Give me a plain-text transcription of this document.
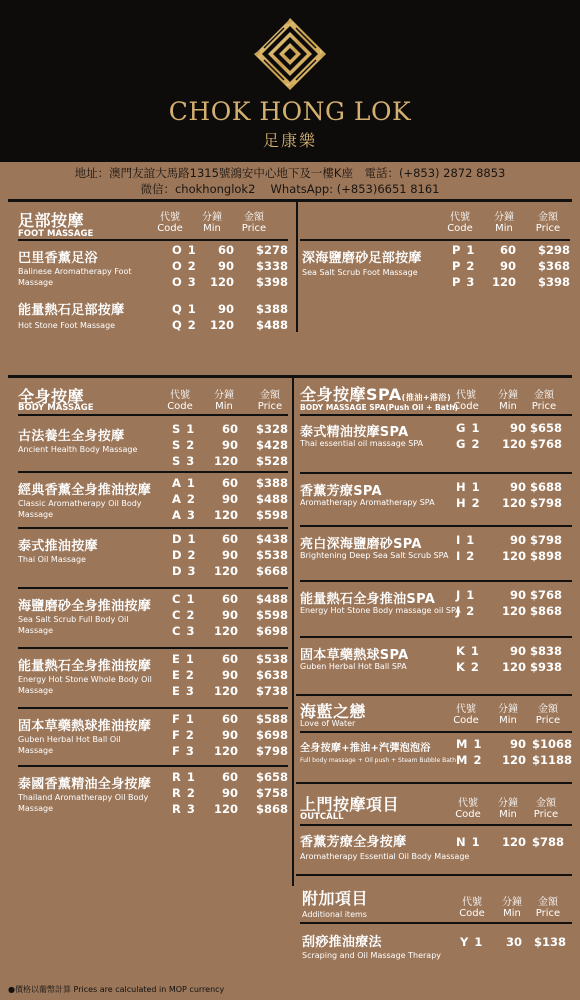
CHOK HONG LOK
足康樂
地址：澳門友誼大馬路1315號鴻安中心地下及一樓K座　電話：(+853) 2872 8853
微信：chokhonglok2　 WhatsApp: (+853)6651 8161
足部按摩
FOOT MASSAGE
代號
Code
分鐘
Min
金額
Price
巴里香薰足浴
Balinese Aromatherapy Foot Massage
O 1	60 $278
O 2	90 $338
O 3	120 $398
能量熱石足部按摩
Hot Stone Foot Massage
Q 1	90 $388
Q 2	120 $488
代號
Code
分鐘
Min
金額
Price
深海鹽磨砂足部按摩
Sea Salt Scrub Foot Massage
P 1	60 $298
P 2	90 $368
P 3	120 $398
全身按摩
BODY MASSAGE
代號
Code
分鐘
Min
金額
Price
古法養生全身按摩
Ancient Health Body Massage
S 1	60 $328
S 2	90 $428
S 3	120 $528
經典香薰全身推油按摩
Classic Aromatherapy Oil Body Massage
A 1	60 $388
A 2	90 $488
A 3	120 $598
泰式推油按摩
Thai Oil Massage
D 1	60 $438
D 2	90 $538
D 3	120 $668
海鹽磨砂全身推油按摩
Sea Salt Scrub Full Body Oil Massage
C 1	60 $488
C 2	90 $598
C 3	120 $698
能量熱石全身推油按摩
Energy Hot Stone Whole Body Oil Massage
E 1	60 $538
E 2	90 $638
E 3	120 $738
固本草藥熱球推油按摩
Guben Herbal Hot Ball Oil Massage
F 1	60 $588
F 2	90 $698
F 3	120 $798
泰國香薰精油全身按摩
Thailand Aromatherapy Oil Body Massage
R 1	60 $658
R 2	90 $758
R 3	120 $868
全身按摩SPA(推油+港浴)
BODY MASSAGE SPA(Push Oil + Bath)
代號
Code
分鐘
Min
金額
Price
泰式精油按摩SPA
Thai essential oil massage SPA
G 1	90 $658
G 2	120 $768
香薰芳療SPA
Aromatherapy Aromatherapy SPA
H 1	90 $688
H 2	120 $798
亮白深海鹽磨砂SPA
Brightening Deep Sea Salt Scrub SPA
I 1	90 $798
I 2	120 $898
能量熱石全身推油SPA
Energy Hot Stone Body massage oil SPA
J 1	90 $768
J 2	120 $868
固本草藥熱球SPA
Guben Herbal Hot Ball SPA
K 1	90 $838
K 2	120 $938
海藍之戀
Love of Water
代號
Code
分鐘
Min
金額
Price
全身按摩+推油+汽彈泡泡浴
Full body massage + Oil push + Steam Bubble Bath
M 1	90 $1068
M 2	120 $1188
上門按摩項目
OUTCALL
代號
Code
分鐘
Min
金額
Price
香薰芳療全身按摩
Aromatherapy Essential Oil Body Massage
N 1	120 $788
附加項目
Additional items
代號
Code
分鐘
Min
金額
Price
刮痧推油療法
Scraping and Oil Massage Therapy
Y 1	30 $138
●價格以葡幣計算 Prices are calculated in MOP currency
